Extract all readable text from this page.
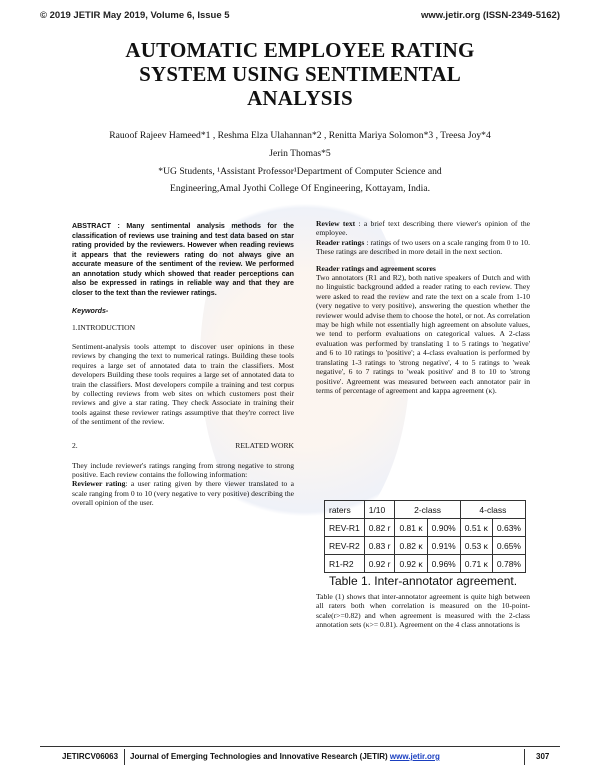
© 2019 JETIR May 2019, Volume 6, Issue 5	www.jetir.org (ISSN-2349-5162)
AUTOMATIC EMPLOYEE RATING
SYSTEM USING SENTIMENTAL
ANALYSIS
Rauoof Rajeev Hameed*1 , Reshma Elza Ulahannan*2 , Renitta Mariya Solomon*3 , Treesa Joy*4
Jerin Thomas*5
*UG Students, ¹Assistant Professor¹Department of Computer Science and
Engineering,Amal Jyothi College Of Engineering, Kottayam, India.

ABSTRACT : Many sentimental analysis methods for the classification of reviews use training and test data based on star rating provided by the reviewers. However when reading reviews it appears that the reviewers rating do not always give an accurate measure of the sentiment of the review. We performed an annotation study which showed that reader perceptions can also be expressed in ratings in reliable way and that they are closer to the text than the reviewer ratings.

Keywords-

1.INTRODUCTION

Sentiment-analysis tools attempt to discover user opinions in these reviews by changing the text to numerical ratings. Building these tools requires a large set of annotated data to train the classifiers. Most developers Building these tools requires a large set of annotated data to train the classifiers. Most developers compile a training and test corpus by collecting reviews from web sites on which customers post their reviews and give a star rating. They check Associate in training their tools against these reviewer ratings assumptive that they're correct live of the sentiment of the review.

2.	RELATED WORK

They include reviewer's ratings ranging from strong negative to strong positive. Each review contains the following information:

Reviewer rating: a user rating given by there viewer translated to a scale ranging from 0 to 10 (very negative to very positive) describing the overall opinion of the user.

Review text : a brief text describing there viewer's opinion of the employee.

Reader ratings : ratings of two users on a scale ranging from 0 to 10. These ratings are described in more detail in the next section.

Reader ratings and agreement scores

Two annotators (R1 and R2), both native speakers of Dutch and with no linguistic background added a reader rating to each review. They were asked to read the review and rate the text on a scale from 1-10 (very negative to very positive), answering the question whether the reviewer would advise them to choose the hotel, or not. As correlation may be high while not essentially high agreement on absolute values, we tend to perform evaluations on categorical values. A 2-class evaluation was performed by translating 1 to 5 ratings to 'negative' and 6 to 10 ratings to 'positive'; a 4-class evaluation is performed by translating 1-3 ratings to 'strong negative', 4 to 5 ratings to 'weak negative', 6 to 7 ratings to 'weak positive' and 8 to 10 to 'strong positive'. Agreement was measured between each annotator pair in terms of percentage of agreement and kappa agreement (κ).

raters	1/10	2-class		4-class	
REV-R1	0.82 r	0.81 κ	0.90%	0.51 κ	0.63%
REV-R2	0.83 r	0.82 κ	0.91%	0.53 κ	0.65%
R1-R2	0.92 r	0.92 κ	0.96%	0.71 κ	0.78%
Table 1. Inter-annotator agreement.

Table (1) shows that inter-annotator agreement is quite high between all raters both when correlation is measured on the 10-point-scale(r>=0.82) and when agreement is measured with the 2-class annotation sets (κ>= 0.81). Agreement on the 4 class annotations is

JETIRCV06063 Journal of Emerging Technologies and Innovative Research (JETIR) www.jetir.org	307
